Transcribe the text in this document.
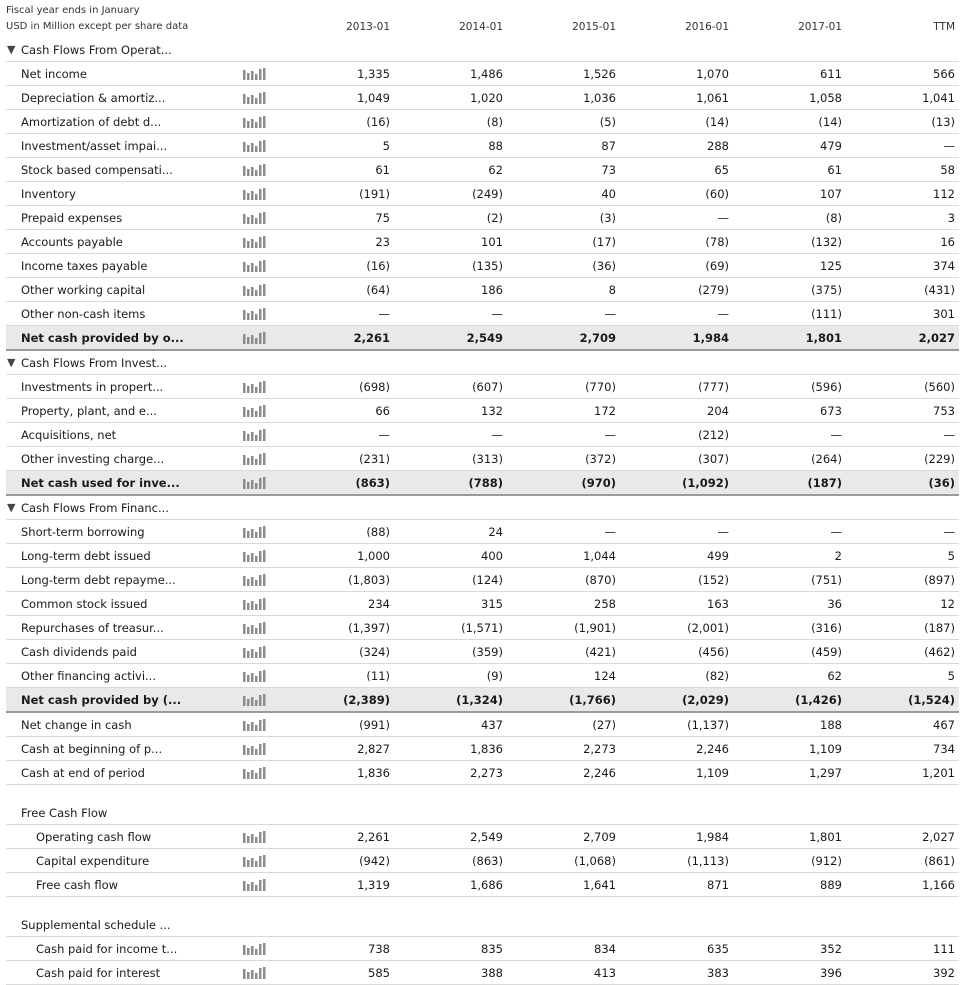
Fiscal year ends in January
USD in Million except per share data	2013-01	2014-01	2015-01	2016-01	2017-01	TTM
▼ Cash Flows From Operat...
Net income	1,335	1,486	1,526	1,070	611	566
Depreciation & amortiz...	1,049	1,020	1,036	1,061	1,058	1,041
Amortization of debt d...	(16)	(8)	(5)	(14)	(14)	(13)
Investment/asset impai...	5	88	87	288	479	—
Stock based compensati...	61	62	73	65	61	58
Inventory	(191)	(249)	40	(60)	107	112
Prepaid expenses	75	(2)	(3)	—	(8)	3
Accounts payable	23	101	(17)	(78)	(132)	16
Income taxes payable	(16)	(135)	(36)	(69)	125	374
Other working capital	(64)	186	8	(279)	(375)	(431)
Other non-cash items	—	—	—	—	(111)	301
Net cash provided by o...	2,261	2,549	2,709	1,984	1,801	2,027
▼ Cash Flows From Invest...
Investments in propert...	(698)	(607)	(770)	(777)	(596)	(560)
Property, plant, and e...	66	132	172	204	673	753
Acquisitions, net	—	—	—	(212)	—	—
Other investing charge...	(231)	(313)	(372)	(307)	(264)	(229)
Net cash used for inve...	(863)	(788)	(970)	(1,092)	(187)	(36)
▼ Cash Flows From Financ...
Short-term borrowing	(88)	24	—	—	—	—
Long-term debt issued	1,000	400	1,044	499	2	5
Long-term debt repayme...	(1,803)	(124)	(870)	(152)	(751)	(897)
Common stock issued	234	315	258	163	36	12
Repurchases of treasur...	(1,397)	(1,571)	(1,901)	(2,001)	(316)	(187)
Cash dividends paid	(324)	(359)	(421)	(456)	(459)	(462)
Other financing activi...	(11)	(9)	124	(82)	62	5
Net cash provided by (...	(2,389)	(1,324)	(1,766)	(2,029)	(1,426)	(1,524)
Net change in cash	(991)	437	(27)	(1,137)	188	467
Cash at beginning of p...	2,827	1,836	2,273	2,246	1,109	734
Cash at end of period	1,836	2,273	2,246	1,109	1,297	1,201
Free Cash Flow
Operating cash flow	2,261	2,549	2,709	1,984	1,801	2,027
Capital expenditure	(942)	(863)	(1,068)	(1,113)	(912)	(861)
Free cash flow	1,319	1,686	1,641	871	889	1,166
Supplemental schedule ...
Cash paid for income t...	738	835	834	635	352	111
Cash paid for interest	585	388	413	383	396	392
